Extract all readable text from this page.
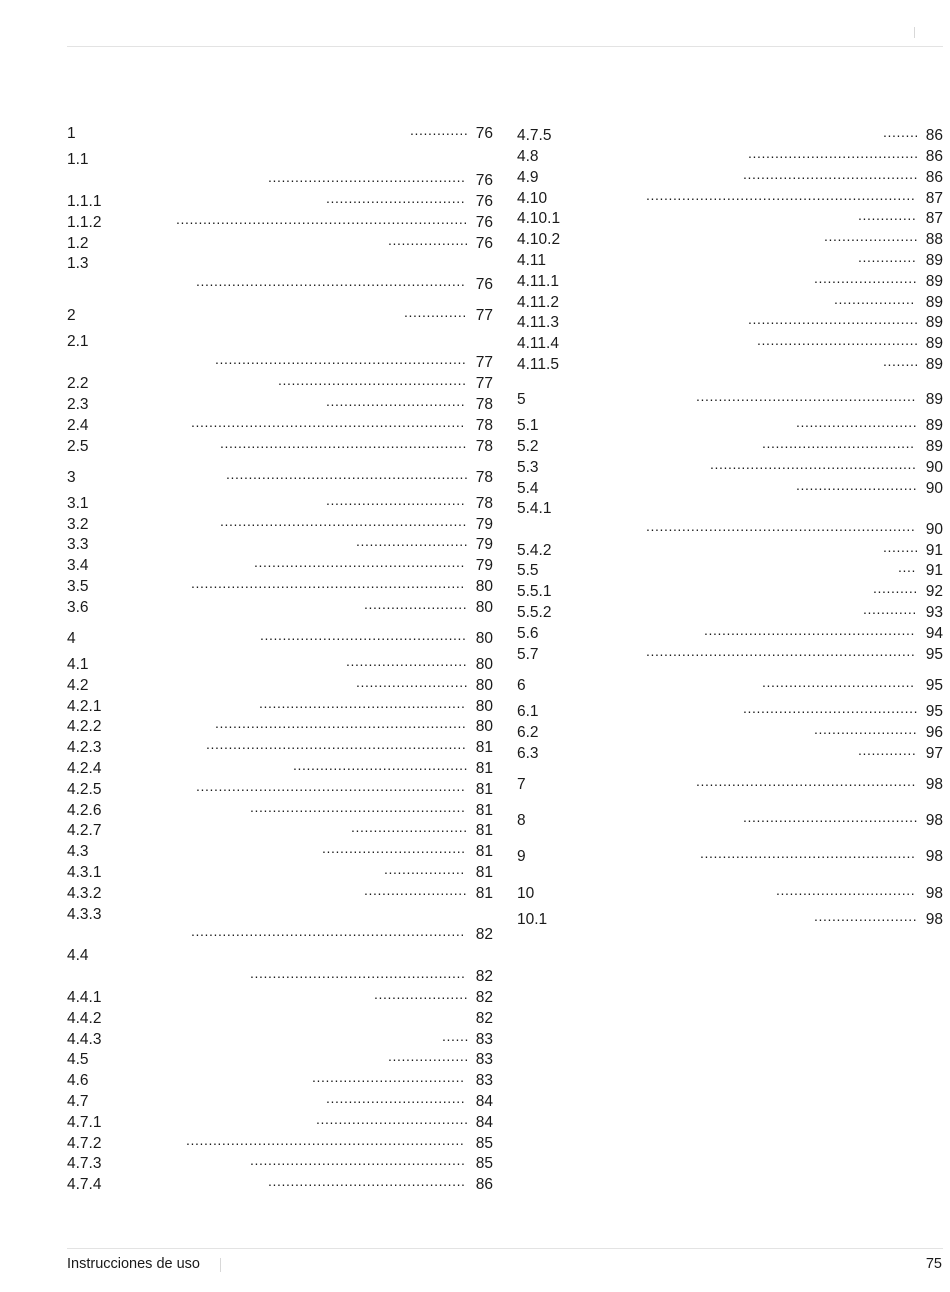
1	............. 76
1.1
............................................ 76
1.1.1	............................... 76
1.1.2	................................................................. 76
1.2	.................. 76
1.3
............................................................ 76
2	.............. 77
2.1
........................................................ 77
2.2	.......................................... 77
2.3	............................... 78
2.4	............................................................. 78
2.5	....................................................... 78
3	...................................................... 78
3.1	............................... 78
3.2	....................................................... 79
3.3	......................... 79
3.4	............................................... 79
3.5	............................................................. 80
3.6	....................... 80
4	.............................................. 80
4.1	........................... 80
4.2	......................... 80
4.2.1	.............................................. 80
4.2.2	........................................................ 80
4.2.3	.......................................................... 81
4.2.4	....................................... 81
4.2.5	............................................................ 81
4.2.6	................................................ 81
4.2.7	.......................... 81
4.3	................................ 81
4.3.1	.................. 81
4.3.2	....................... 81
4.3.3
............................................................. 82
4.4
................................................ 82
4.4.1	..................... 82
4.4.2	82
4.4.3	...... 83
4.5	.................. 83
4.6	.................................. 83
4.7	............................... 84
4.7.1	.................................. 84
4.7.2	.............................................................. 85
4.7.3	................................................ 85
4.7.4	............................................ 86
4.7.5	........ 86
4.8	...................................... 86
4.9	....................................... 86
4.10	............................................................ 87
4.10.1	............. 87
4.10.2	..................... 88
4.11	............. 89
4.11.1	....................... 89
4.11.2	.................. 89
4.11.3	...................................... 89
4.11.4	.................................... 89
4.11.5	........ 89
5	................................................. 89
5.1	........................... 89
5.2	.................................. 89
5.3	.............................................. 90
5.4	........................... 90
5.4.1
............................................................ 90
5.4.2	........ 91
5.5	.... 91
5.5.1	.......... 92
5.5.2	............ 93
5.6	............................................... 94
5.7	............................................................ 95
6	.................................. 95
6.1	....................................... 95
6.2	....................... 96
6.3	............. 97
7	................................................. 98
8	....................................... 98
9	................................................ 98
10	............................... 98
10.1	....................... 98
Instrucciones de uso	75
